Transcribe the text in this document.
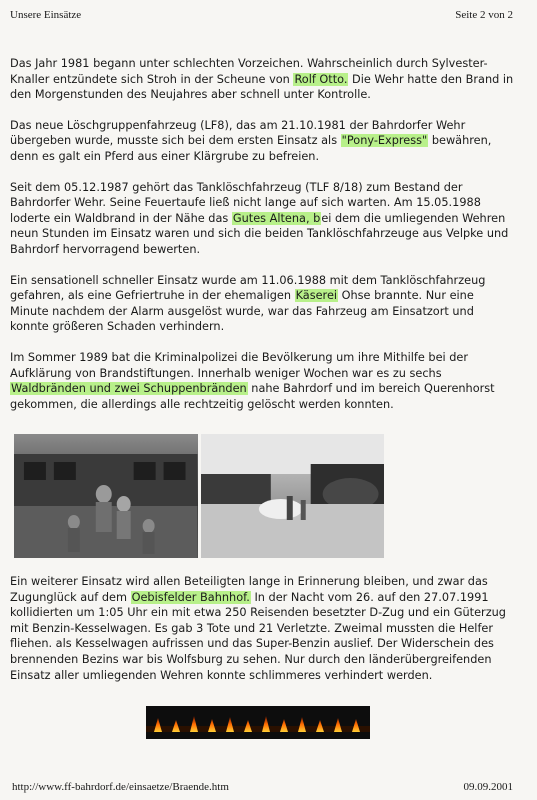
Unsere Einsätze	Seite 2 von 2

Das Jahr 1981 begann unter schlechten Vorzeichen. Wahrscheinlich durch Sylvester-Knaller entzündete sich Stroh in der Scheune von Rolf Otto. Die Wehr hatte den Brand in den Morgenstunden des Neujahres aber schnell unter Kontrolle.

Das neue Löschgruppenfahrzeug (LF8), das am 21.10.1981 der Bahrdorfer Wehr übergeben wurde, musste sich bei dem ersten Einsatz als "Pony-Express" bewähren, denn es galt ein Pferd aus einer Klärgrube zu befreien.

Seit dem 05.12.1987 gehört das Tanklöschfahrzeug (TLF 8/18) zum Bestand der Bahrdorfer Wehr. Seine Feuertaufe ließ nicht lange auf sich warten. Am 15.05.1988 loderte ein Waldbrand in der Nähe das Gutes Altena, bei dem die umliegenden Wehren neun Stunden im Einsatz waren und sich die beiden Tanklöschfahrzeuge aus Velpke und Bahrdorf hervorragend bewerten.

Ein sensationell schneller Einsatz wurde am 11.06.1988 mit dem Tanklöschfahrzeug gefahren, als eine Gefriertruhe in der ehemaligen Käserei Ohse brannte. Nur eine Minute nachdem der Alarm ausgelöst wurde, war das Fahrzeug am Einsatzort und konnte größeren Schaden verhindern.

Im Sommer 1989 bat die Kriminalpolizei die Bevölkerung um ihre Mithilfe bei der Aufklärung von Brandstiftungen. Innerhalb weniger Wochen war es zu sechs Waldbränden und zwei Schuppenbränden nahe Bahrdorf und im bereich Querenhorst gekommen, die allerdings alle rechtzeitig gelöscht werden konnten.

Ein weiterer Einsatz wird allen Beteiligten lange in Erinnerung bleiben, und zwar das Zugunglück auf dem Oebisfelder Bahnhof. In der Nacht vom 26. auf den 27.07.1991 kollidierten um 1:05 Uhr ein mit etwa 250 Reisenden besetzter D-Zug und ein Güterzug mit Benzin-Kesselwagen. Es gab 3 Tote und 21 Verletzte. Zweimal mussten die Helfer fliehen. als Kesselwagen aufrissen und das Super-Benzin auslief. Der Widerschein des brennenden Bezins war bis Wolfsburg zu sehen. Nur durch den länderübergreifenden Einsatz aller umliegenden Wehren konnte schlimmeres verhindert werden.

http://www.ff-bahrdorf.de/einsaetze/Braende.htm	09.09.2001
